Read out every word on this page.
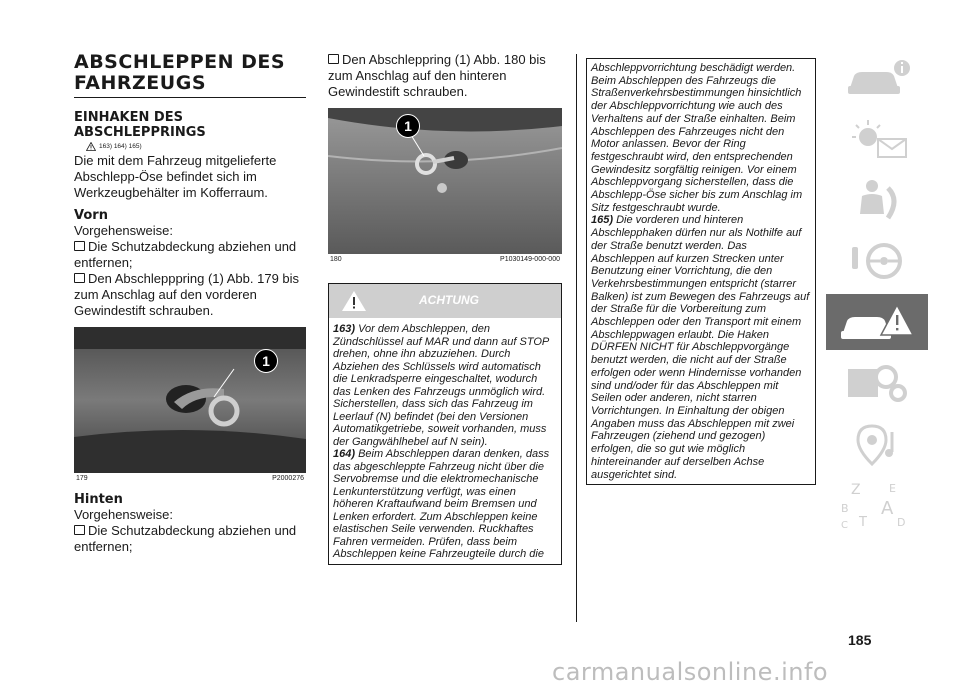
ABSCHLEPPEN DES
FAHRZEUGS
EINHAKEN DES
ABSCHLEPPRINGS
163) 164) 165)

Die mit dem Fahrzeug mitgelieferte Abschlepp-Öse befindet sich im Werkzeugbehälter im Kofferraum.

Vorn

Vorgehensweise:

Die Schutzabdeckung abziehen und entfernen;

Den Abschlepppring (1) Abb. 179 bis zum Anschlag auf den vorderen Gewindestift schrauben.

1
179	P2000276

Hinten

Vorgehensweise:

Die Schutzabdeckung abziehen und entfernen;

Den Abschleppring (1) Abb. 180 bis zum Anschlag auf den hinteren Gewindestift schrauben.

1
180	P1030149-000-000
ACHTUNG

163) Vor dem Abschleppen, den Zündschlüssel auf MAR und dann auf STOP drehen, ohne ihn abzuziehen. Durch Abziehen des Schlüssels wird automatisch die Lenkradsperre eingeschaltet, wodurch das Lenken des Fahrzeugs unmöglich wird. Sicherstellen, dass sich das Fahrzeug im Leerlauf (N) befindet (bei den Versionen Automatikgetriebe, soweit vorhanden, muss der Gangwählhebel auf N sein).

164) Beim Abschleppen daran denken, dass das abgeschleppte Fahrzeug nicht über die Servobremse und die elektromechanische Lenkunterstützung verfügt, was einen höheren Kraftaufwand beim Bremsen und Lenken erfordert. Zum Abschleppen keine elastischen Seile verwenden. Ruckhaftes Fahren vermeiden. Prüfen, dass beim Abschleppen keine Fahrzeugteile durch die

Abschleppvorrichtung beschädigt werden. Beim Abschleppen des Fahrzeugs die Straßenverkehrsbestimmungen hinsichtlich der Abschleppvorrichtung wie auch des Verhaltens auf der Straße einhalten. Beim Abschleppen des Fahrzeuges nicht den Motor anlassen. Bevor der Ring festgeschraubt wird, den entsprechenden Gewindesitz sorgfältig reinigen. Vor einem Abschleppvorgang sicherstellen, dass die Abschlepp-Öse sicher bis zum Anschlag im Sitz festgeschraubt wurde.

165) Die vorderen und hinteren Abschlepphaken dürfen nur als Nothilfe auf der Straße benutzt werden. Das Abschleppen auf kurzen Strecken unter Benutzung einer Vorrichtung, die den Verkehrsbestimmungen entspricht (starrer Balken) ist zum Bewegen des Fahrzeugs auf der Straße für die Vorbereitung zum Abschleppen oder den Transport mit einem Abschleppwagen erlaubt. Die Haken DÜRFEN NICHT für Abschleppvorgänge benutzt werden, die nicht auf der Straße erfolgen oder wenn Hindernisse vorhanden sind und/oder für das Abschleppen mit Seilen oder anderen, nicht starren Vorrichtungen. In Einhaltung der obigen Angaben muss das Abschleppen mit zwei Fahrzeugen (ziehend und gezogen) erfolgen, die so gut wie möglich hintereinander auf derselben Achse ausgerichtet sind.

Z	E
B A
C T	D
185
carmanualsonline.info
